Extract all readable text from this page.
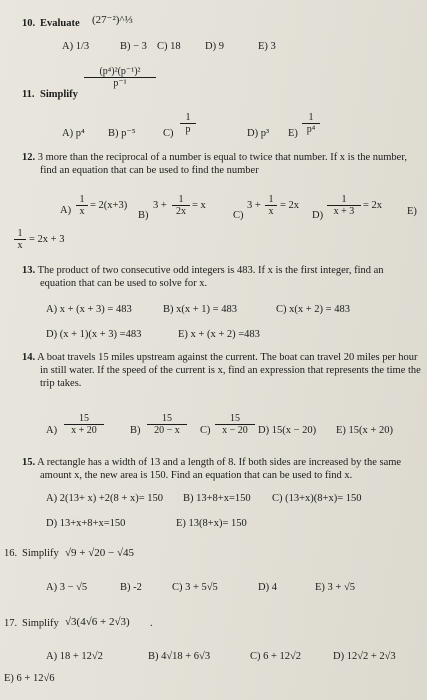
10. Evaluate (27⁻²)^⅓
A) 1/3	B) − 3 C) 18 D) 9	E) 3
11. Simplify
$\frac{\text{(p⁴)²(p⁻¹)²}}{\text{p⁻¹}}$
A) p⁴ B) p⁻⁵	$C) \frac{1}{p}$	D) p³ $E) \frac{1}{\text{p⁴}}$
12. 3 more than the reciprocal of a number is equal to twice that number. If x is the number, find an equation that can be used to find the number
$A) \frac{1}{x} = 2(x+3)$
B)
$3 + \frac{1}{2x} = x$
C)
$3 + \frac{1}{x} = 2x$
$D) \frac{1}{x + 3} = 2x$
E)
$\frac{1}{x} = 2x + 3$
13. The product of two consecutive odd integers is 483. If x is the first integer, find an equation that can be used to solve for x.
A) x + (x + 3) = 483	B) x(x + 1) = 483	C) x(x + 2) = 483
D) (x + 1)(x + 3) =483	E) x + (x + 2) =483
14. A boat travels 15 miles upstream against the current. The boat can travel 20 miles per hour in still water. If the speed of the current is x, find an expression that represents the time the trip takes.
$A) \frac{15}{x + 20} B) \frac{15}{20 - x} C) \frac{15}{x - 20} D$) 15(x − 20) E) 15(x + 20)
15. A rectangle has a width of 13 and a length of 8. If both sides are increased by the same amount x, the new area is 150. Find an equation that can be used to find x.
A) 2(13+ x) +2(8 + x)= 150 B) 13+8+x=150 C) (13+x)(8+x)= 150
D) 13+x+8+x=150	E) 13(8+x)= 150
16. Simplify √9 + √20 − √45
A) 3 − √5	B) -2	C) 3 + 5√5	D) 4	E) 3 + √5
17. Simplify √3(4√6 + 2√3) .
A) 18 + 12√2	B) 4√18 + 6√3	C) 6 + 12√2	D) 12√2 + 2√3
E) 6 + 12√6
